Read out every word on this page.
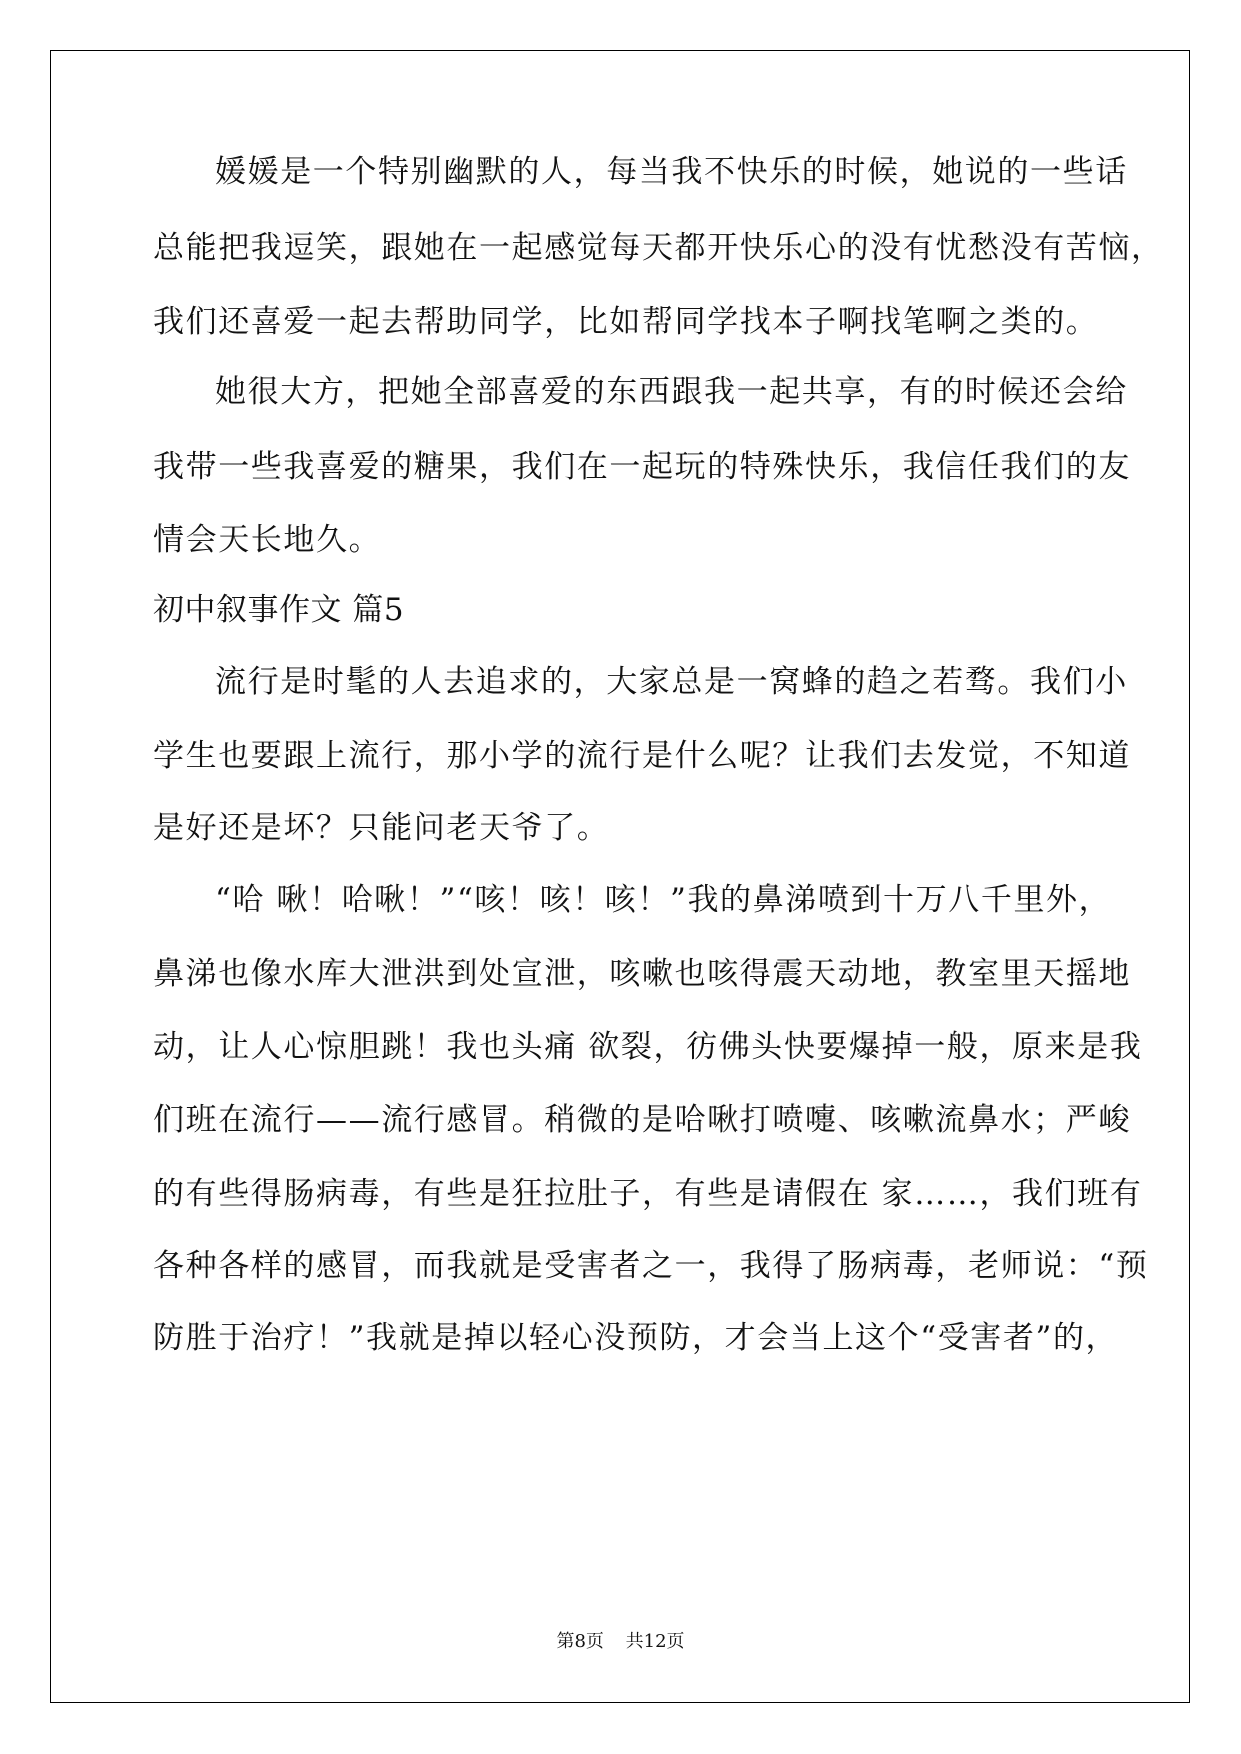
媛媛是一个特别幽默的人，每当我不快乐的时候，她说的一些话

总能把我逗笑，跟她在一起感觉每天都开快乐心的没有忧愁没有苦恼，

我们还喜爱一起去帮助同学，比如帮同学找本子啊找笔啊之类的。

她很大方，把她全部喜爱的东西跟我一起共享，有的时候还会给

我带一些我喜爱的糖果，我们在一起玩的特殊快乐，我信任我们的友

情会天长地久。

初中叙事作文 篇5

流行是时髦的人去追求的，大家总是一窝蜂的趋之若骛。我们小

学生也要跟上流行，那小学的流行是什么呢？让我们去发觉，不知道

是好还是坏？只能问老天爷了。

“哈 啾！哈啾！”“咳！咳！咳！”我的鼻涕喷到十万八千里外，

鼻涕也像水库大泄洪到处宣泄，咳嗽也咳得震天动地，教室里天摇地

动，让人心惊胆跳！我也头痛 欲裂，彷佛头快要爆掉一般，原来是我

们班在流行——流行感冒。稍微的是哈啾打喷嚏、咳嗽流鼻水；严峻

的有些得肠病毒，有些是狂拉肚子，有些是请假在 家……，我们班有

各种各样的感冒，而我就是受害者之一，我得了肠病毒，老师说：“预

防胜于治疗！”我就是掉以轻心没预防，才会当上这个“受害者”的，

第8页 共12页
